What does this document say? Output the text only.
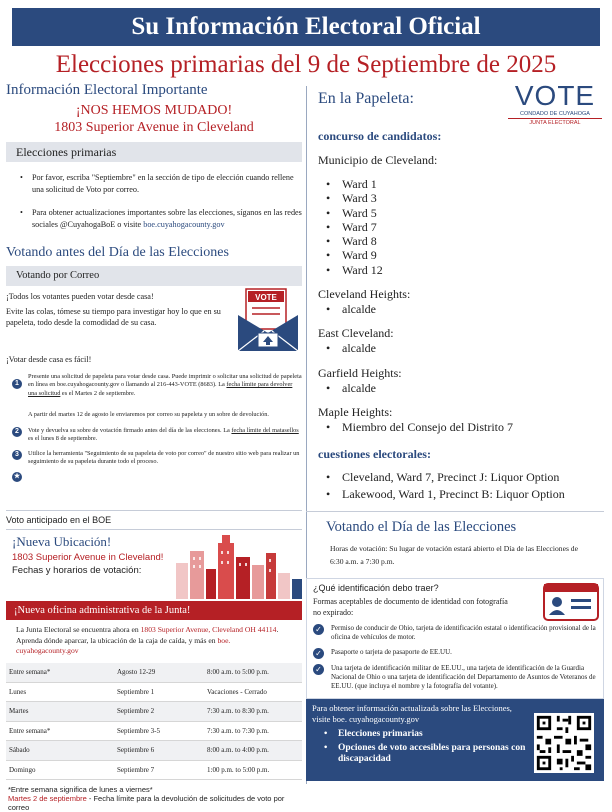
Su Información Electoral Oficial
Elecciones primarias del 9 de Septiembre de 2025
Información Electoral Importante
¡NOS HEMOS MUDADO!
1803 Superior Avenue in Cleveland
Elecciones primarias
• Por favor, escriba "Septiembre" en la sección de tipo de elección cuando rellene una solicitud de Voto por correo.
• Para obtener actualizaciones importantes sobre las elecciones, síganos en las redes sociales @CuyahogaBoE o visite boe.cuyahogacounty.gov
Votando antes del Día de las Elecciones
Votando por Correo
¡Todos los votantes pueden votar desde casa!
Evite las colas, tómese su tiempo para investigar hoy lo que en su papeleta, todo desde la comodidad de su casa.
VOTE
¡Votar desde casa es fácil!
1
Presente una solicitud de papeleta para votar desde casa. Puede imprimir o solicitar una solicitud de papeleta en línea en boe.cuyahogacounty.gov o llamando al 216-443-VOTE (8683). La fecha límite para devolver una solicitud es el Martes 2 de septiembre.
A partir del martes 12 de agosto le enviaremos por correo su papeleta y un sobre de devolución.
2	Vote y devuelva su sobre de votación firmado antes del día de las elecciones. La fecha límite del matasellos es el lunes 8 de septiembre.
3	Utilice la herramienta "Seguimiento de su papeleta de voto por correo" de nuestro sitio web para realizar un seguimiento de su papeleta durante todo el proceso.
★
Voto anticipado en el BOE
¡Nueva Ubicación!
1803 Superior Avenue in Cleveland!
Fechas y horarios de votación:
¡Nueva oficina administrativa de la Junta!
La Junta Electoral se encuentra ahora en 1803 Superior Avenue, Cleveland OH 44114. Aprenda dónde aparcar, la ubicación de la caja de caída, y más en boe. cuyahogacounty.gov
Entre semana*	Agosto 12-29	8:00 a.m. to 5:00 p.m.
Lunes	Septiembre 1	Vacaciones - Cerrado
Martes	Septiembre 2	7:30 a.m. to 8:30 p.m.
Entre semana*	Septiembre 3-5	7:30 a.m. to 7:30 p.m.
Sábado	Septiembre 6	8:00 a.m. to 4:00 p.m.
Domingo	Septiembre 7	1:00 p.m. to 5:00 p.m.
*Entre semana significa de lunes a viernes*
Martes 2 de septiembre - Fecha límite para la devolución de solicitudes de voto por correo
En la Papeleta:	VOTE
CONDADO DE CUYAHOGA
JUNTA ELECTORAL
concurso de candidatos:
Municipio de Cleveland:
• Ward 1
• Ward 3
• Ward 5
• Ward 7
• Ward 8
• Ward 9
• Ward 12
Cleveland Heights:
• alcalde
East Cleveland:
• alcalde
Garfield Heights:
• alcalde
Maple Heights:
• Miembro del Consejo del Distrito 7
cuestiones electorales:
• Cleveland, Ward 7, Precinct J: Liquor Option
• Lakewood, Ward 1, Precinct B: Liquor Option
Votando el Día de las Elecciones
Horas de votación: Su lugar de votación estará abierto el Día de las Elecciones de 6:30 a.m. a 7:30 p.m.
¿Qué identificación debo traer?
Formas aceptables de documento de identidad con fotografía no expirado:
✓	Permiso de conducir de Ohio, tarjeta de identificación estatal o identificación provisional de la oficina de vehículos de motor.
✓	Pasaporte o tarjeta de pasaporte de EE.UU.
✓	Una tarjeta de identificación militar de EE.UU., una tarjeta de identificación de la Guardia Nacional de Ohio o una tarjeta de identificación del Departamento de Asuntos de Veteranos de EE.UU. (que incluya el nombre y la fotografía del votante).
Para obtener información actualizada sobre las Elecciones, visite boe. cuyahogacounty.gov
• Elecciones primarias
• Opciones de voto accesibles para personas con discapacidad
